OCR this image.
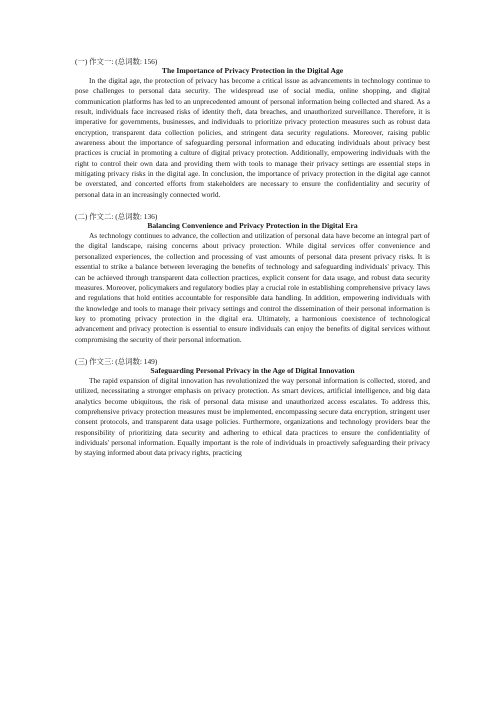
(一) 作文一: (总词数: 156)

The Importance of Privacy Protection in the Digital Age

In the digital age, the protection of privacy has become a critical issue as advancements in technology continue to pose challenges to personal data security. The widespread use of social media, online shopping, and digital communication platforms has led to an unprecedented amount of personal information being collected and shared. As a result, individuals face increased risks of identity theft, data breaches, and unauthorized surveillance. Therefore, it is imperative for governments, businesses, and individuals to prioritize privacy protection measures such as robust data encryption, transparent data collection policies, and stringent data security regulations. Moreover, raising public awareness about the importance of safeguarding personal information and educating individuals about privacy best practices is crucial in promoting a culture of digital privacy protection. Additionally, empowering individuals with the right to control their own data and providing them with tools to manage their privacy settings are essential steps in mitigating privacy risks in the digital age. In conclusion, the importance of privacy protection in the digital age cannot be overstated, and concerted efforts from stakeholders are necessary to ensure the confidentiality and security of personal data in an increasingly connected world.

(二) 作文二: (总词数: 136)

Balancing Convenience and Privacy Protection in the Digital Era

As technology continues to advance, the collection and utilization of personal data have become an integral part of the digital landscape, raising concerns about privacy protection. While digital services offer convenience and personalized experiences, the collection and processing of vast amounts of personal data present privacy risks. It is essential to strike a balance between leveraging the benefits of technology and safeguarding individuals' privacy. This can be achieved through transparent data collection practices, explicit consent for data usage, and robust data security measures. Moreover, policymakers and regulatory bodies play a crucial role in establishing comprehensive privacy laws and regulations that hold entities accountable for responsible data handling. In addition, empowering individuals with the knowledge and tools to manage their privacy settings and control the dissemination of their personal information is key to promoting privacy protection in the digital era. Ultimately, a harmonious coexistence of technological advancement and privacy protection is essential to ensure individuals can enjoy the benefits of digital services without compromising the security of their personal information.

(三) 作文三: (总词数: 149)

Safeguarding Personal Privacy in the Age of Digital Innovation

The rapid expansion of digital innovation has revolutionized the way personal information is collected, stored, and utilized, necessitating a stronger emphasis on privacy protection. As smart devices, artificial intelligence, and big data analytics become ubiquitous, the risk of personal data misuse and unauthorized access escalates. To address this, comprehensive privacy protection measures must be implemented, encompassing secure data encryption, stringent user consent protocols, and transparent data usage policies. Furthermore, organizations and technology providers bear the responsibility of prioritizing data security and adhering to ethical data practices to ensure the confidentiality of individuals' personal information. Equally important is the role of individuals in proactively safeguarding their privacy by staying informed about data privacy rights, practicing
